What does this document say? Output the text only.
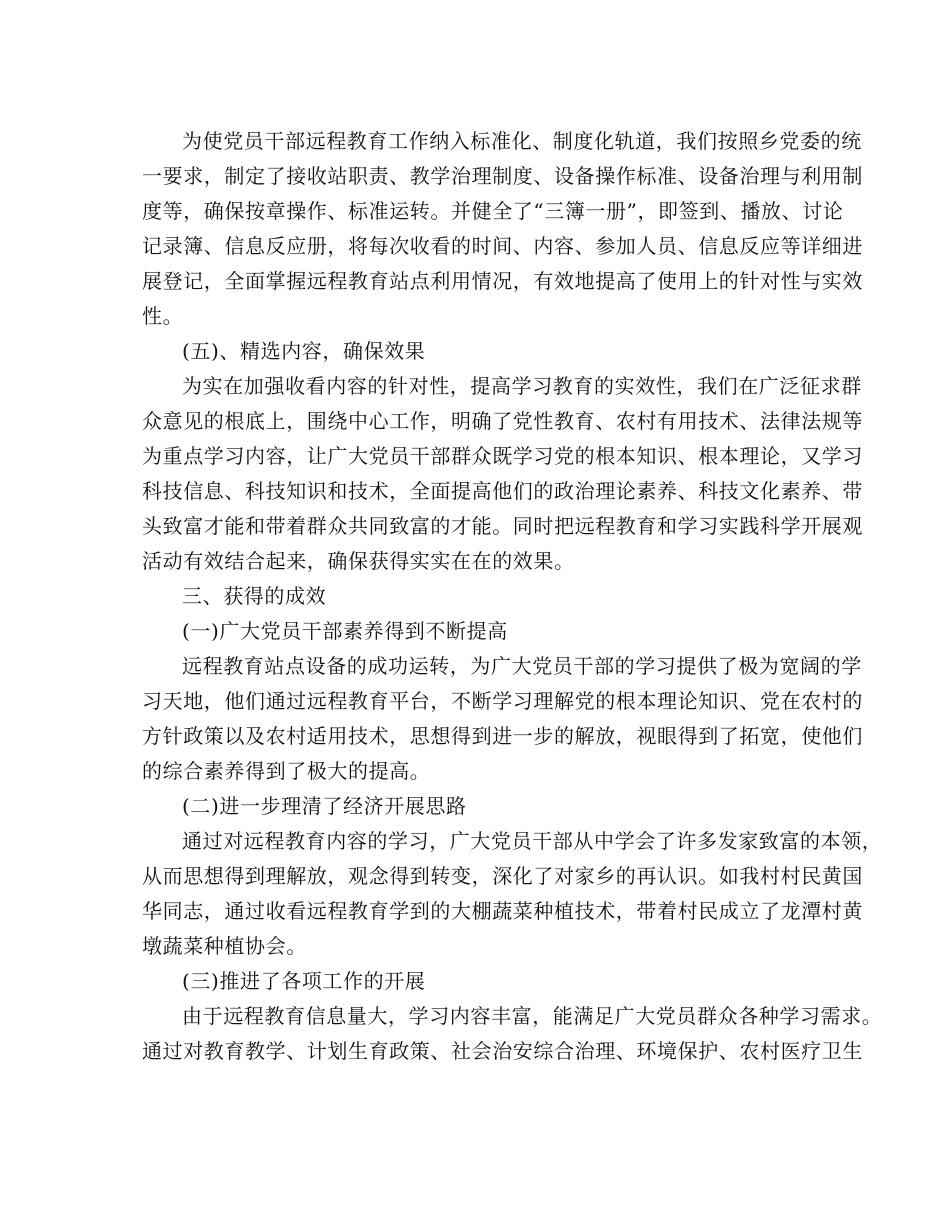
为使党员干部远程教育工作纳入标准化、制度化轨道，我们按照乡党委的统
一要求，制定了接收站职责、教学治理制度、设备操作标准、设备治理与利用制
度等，确保按章操作、标准运转。并健全了“三簿一册”，即签到、播放、讨论
记录簿、信息反应册，将每次收看的时间、内容、参加人员、信息反应等详细进
展登记，全面掌握远程教育站点利用情况，有效地提高了使用上的针对性与实效
性。
(五)、精选内容，确保效果
为实在加强收看内容的针对性，提高学习教育的实效性，我们在广泛征求群
众意见的根底上，围绕中心工作，明确了党性教育、农村有用技术、法律法规等
为重点学习内容，让广大党员干部群众既学习党的根本知识、根本理论，又学习
科技信息、科技知识和技术，全面提高他们的政治理论素养、科技文化素养、带
头致富才能和带着群众共同致富的才能。同时把远程教育和学习实践科学开展观
活动有效结合起来，确保获得实实在在的效果。
三、获得的成效
(一)广大党员干部素养得到不断提高
远程教育站点设备的成功运转，为广大党员干部的学习提供了极为宽阔的学
习天地，他们通过远程教育平台，不断学习理解党的根本理论知识、党在农村的
方针政策以及农村适用技术，思想得到进一步的解放，视眼得到了拓宽，使他们
的综合素养得到了极大的提高。
(二)进一步理清了经济开展思路
通过对远程教育内容的学习，广大党员干部从中学会了许多发家致富的本领，
从而思想得到理解放，观念得到转变，深化了对家乡的再认识。如我村村民黄国
华同志，通过收看远程教育学到的大棚蔬菜种植技术，带着村民成立了龙潭村黄
墩蔬菜种植协会。
(三)推进了各项工作的开展
由于远程教育信息量大，学习内容丰富，能满足广大党员群众各种学习需求。
通过对教育教学、计划生育政策、社会治安综合治理、环境保护、农村医疗卫生
